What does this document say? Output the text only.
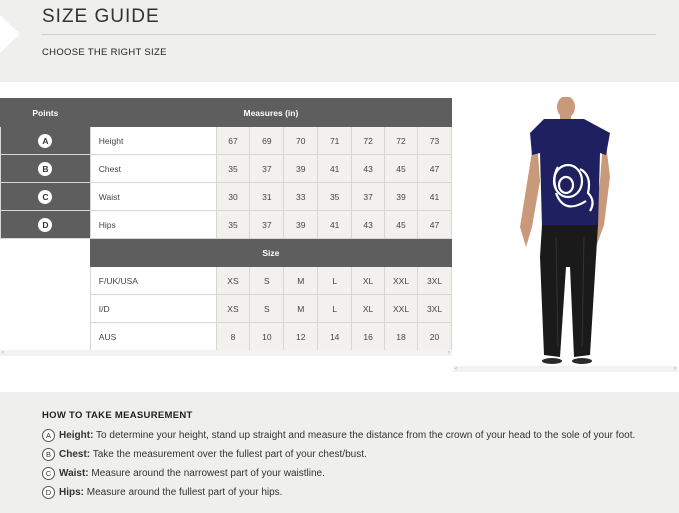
SIZE GUIDE
CHOOSE THE RIGHT SIZE
Points	Measures (in)							
A	Height	67	69	70	71	72	72	73
B	Chest	35	37	39	41	43	45	47
C	Waist	30	31	33	35	37	39	41
D	Hips	35	37	39	41	43	45	47
	Size							
	F/UK/USA	XS	S	M	L	XL	XXL	3XL
	I/D	XS	S	M	L	XL	XXL	3XL
	AUS	8	10	12	14	16	18	20
‹	›
‹	›
HOW TO TAKE MEASUREMENT
A Height: To determine your height, stand up straight and measure the distance from the crown of your head to the sole of your foot.
B Chest: Take the measurement over the fullest part of your chest/bust.
C Waist: Measure around the narrowest part of your waistline.
D Hips: Measure around the fullest part of your hips.
